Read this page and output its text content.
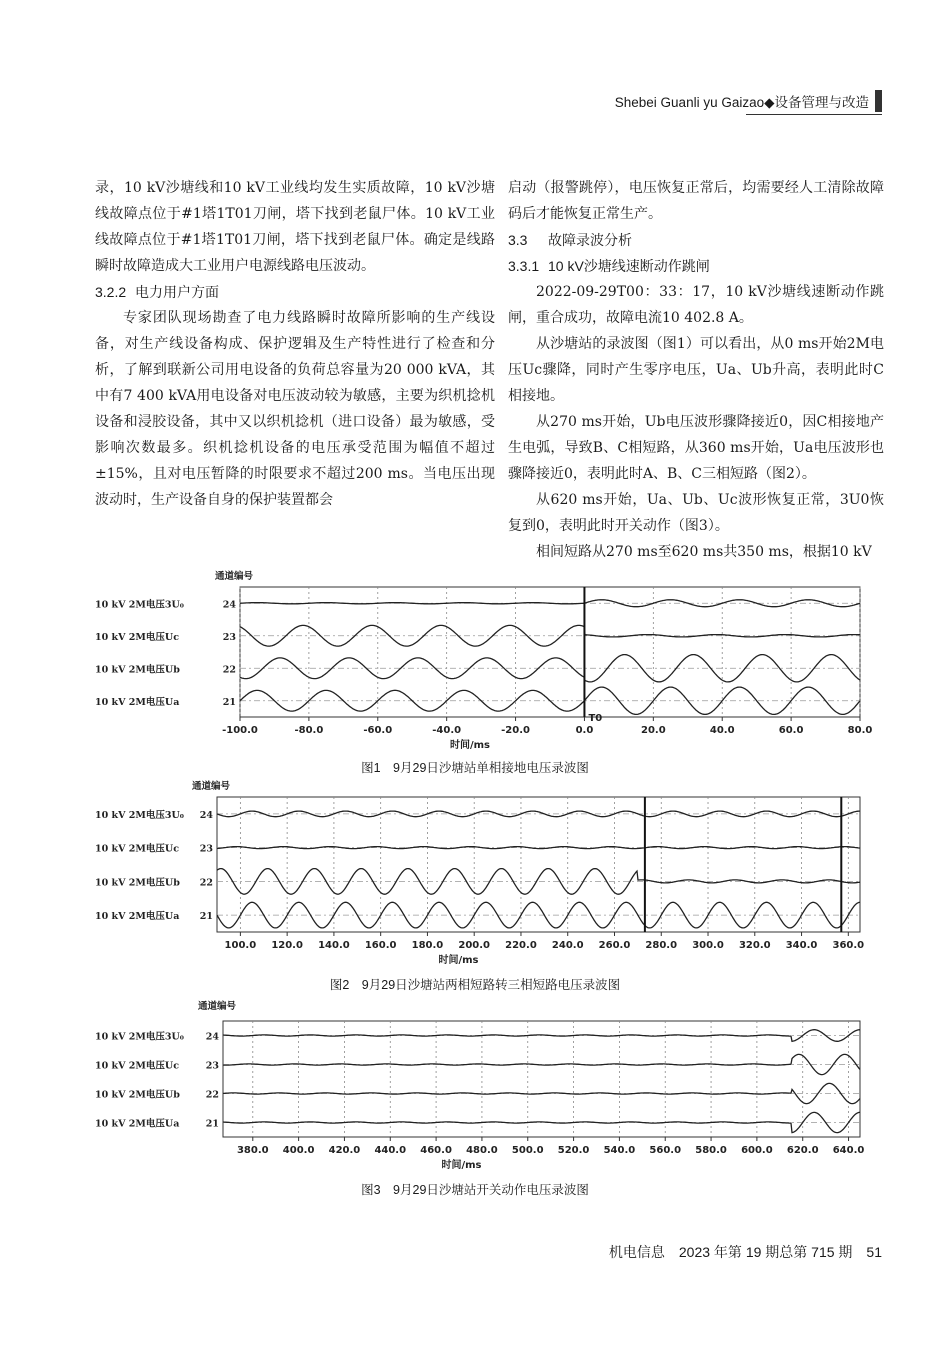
Shebei Guanli yu Gaizao◆设备管理与改造

录，10 kV沙塘线和10 kV工业线均发生实质故障，10 kV沙塘线故障点位于#1塔1T01刀闸，塔下找到老鼠尸体。10 kV工业线故障点位于#1塔1T01刀闸，塔下找到老鼠尸体。确定是线路瞬时故障造成大工业用户电源线路电压波动。

3.2.2 电力用户方面

专家团队现场勘查了电力线路瞬时故障所影响的生产线设备，对生产线设备构成、保护逻辑及生产特性进行了检查和分析，了解到联新公司用电设备的负荷总容量为20 000 kVA，其中有7 400 kVA用电设备对电压波动较为敏感，主要为织机捻机设备和浸胶设备，其中又以织机捻机（进口设备）最为敏感，受影响次数最多。织机捻机设备的电压承受范围为幅值不超过±15%，且对电压暂降的时限要求不超过200 ms。当电压出现波动时，生产设备自身的保护装置都会

启动（报警跳停），电压恢复正常后，均需要经人工清除故障码后才能恢复正常生产。

3.3 故障录波分析

3.3.1 10 kV沙塘线速断动作跳闸

2022-09-29T00：33：17，10 kV沙塘线速断动作跳闸，重合成功，故障电流10 402.8 A。

从沙塘站的录波图（图1）可以看出，从0 ms开始2M电压Uc骤降，同时产生零序电压，Ua、Ub升高，表明此时C相接地。

从270 ms开始，Ub电压波形骤降接近0，因C相接地产生电弧，导致B、C相短路，从360 ms开始，Ua电压波形也骤降接近0，表明此时A、B、C三相短路（图2）。

从620 ms开始，Ua、Ub、Uc波形恢复正常，3U0恢复到0，表明此时开关动作（图3）。

相间短路从270 ms至620 ms共350 ms，根据10 kV

通道编号
-100.0	-80.0	-60.0	-40.0	-20.0	0.0	20.0	40.0	60.0	80.0
时间/ms
10 kV 2M电压3U₀	24
10 kV 2M电压Uc	23
10 kV 2M电压Ub	22
10 kV 2M电压Ua	21
T0
图1　9月29日沙塘站单相接地电压录波图
通道编号
100.0 120.0 140.0 160.0 180.0 200.0 220.0 240.0 260.0 280.0 300.0 320.0 340.0 360.0
时间/ms
10 kV 2M电压3U₀ 24
10 kV 2M电压Uc 23
10 kV 2M电压Ub 22
10 kV 2M电压Ua 21
图2　9月29日沙塘站两相短路转三相短路电压录波图
通道编号
380.0 400.0 420.0 440.0 460.0 480.0 500.0 520.0 540.0 560.0 580.0 600.0 620.0 640.0
时间/ms
10 kV 2M电压3U₀ 24
10 kV 2M电压Uc	23
10 kV 2M电压Ub	22
10 kV 2M电压Ua	21
图3　9月29日沙塘站开关动作电压录波图
机电信息　2023 年第 19 期总第 715 期　51
